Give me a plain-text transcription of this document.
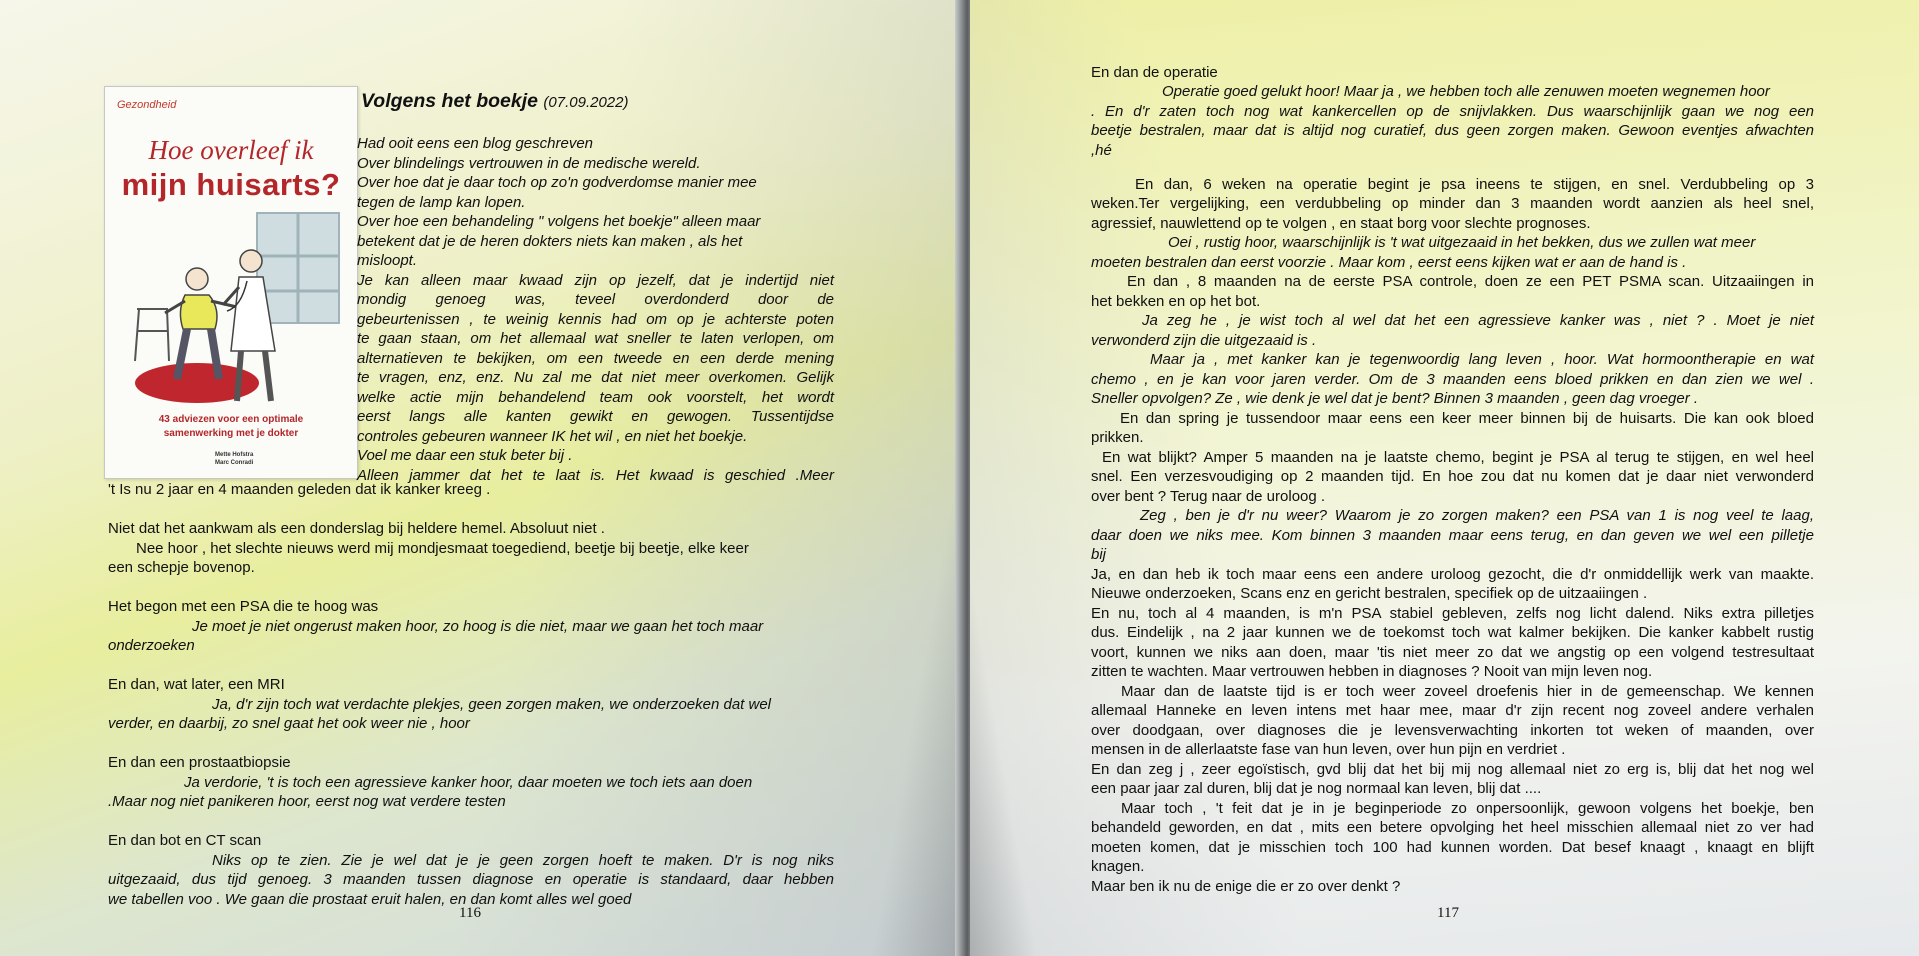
Gezondheid
Hoe overleef ik
mijn huisarts?
43 adviezen voor een optimale
samenwerking met je dokter
Mette Hofstra
Marc Conradi
Volgens het boekje (07.09.2022)

Had ooit eens een blog geschreven

Over blindelings vertrouwen in de medische wereld.

Over hoe dat je daar toch op zo'n godverdomse manier mee

tegen de lamp kan lopen.

Over hoe een behandeling " volgens het boekje" alleen maar

betekent dat je de heren dokters niets kan maken , als het

misloopt.

Je kan alleen maar kwaad zijn op jezelf, dat je indertijd niet

mondig genoeg was, teveel overdonderd door de

gebeurtenissen , te weinig kennis had om op je achterste poten

te gaan staan, om het allemaal wat sneller te laten verlopen, om

alternatieven te bekijken, om een tweede en een derde mening

te vragen, enz, enz. Nu zal me dat niet meer overkomen. Gelijk

welke actie mijn behandelend team ook voorstelt, het wordt

eerst langs alle kanten gewikt en gewogen. Tussentijdse

controles gebeuren wanneer IK het wil , en niet het boekje.

Voel me daar een stuk beter bij .

Alleen jammer dat het te laat is. Het kwaad is geschied .Meer

't Is nu 2 jaar en 4 maanden geleden dat ik kanker kreeg .

Niet dat het aankwam als een donderslag bij heldere hemel. Absoluut niet .

Nee hoor , het slechte nieuws werd mij mondjesmaat toegediend, beetje bij beetje, elke keer

een schepje bovenop.

Het begon met een PSA die te hoog was

Je moet je niet ongerust maken hoor, zo hoog is die niet, maar we gaan het toch maar

onderzoeken

En dan, wat later, een MRI

Ja, d'r zijn toch wat verdachte plekjes, geen zorgen maken, we onderzoeken dat wel

verder, en daarbij, zo snel gaat het ook weer nie , hoor

En dan een prostaatbiopsie

Ja verdorie, 't is toch een agressieve kanker hoor, daar moeten we toch iets aan doen

.Maar nog niet panikeren hoor, eerst nog wat verdere testen

En dan bot en CT scan

Niks op te zien. Zie je wel dat je je geen zorgen hoeft te maken. D'r is nog niks

uitgezaaid, dus tijd genoeg. 3 maanden tussen diagnose en operatie is standaard, daar hebben

we tabellen voo . We gaan die prostaat eruit halen, en dan komt alles wel goed

116

En dan de operatie

Operatie goed gelukt hoor! Maar ja , we hebben toch alle zenuwen moeten wegnemen hoor

. En d'r zaten toch nog wat kankercellen op de snijvlakken. Dus waarschijnlijk gaan we nog een

beetje bestralen, maar dat is altijd nog curatief, dus geen zorgen maken. Gewoon eventjes afwachten

,hé

En dan, 6 weken na operatie begint je psa ineens te stijgen, en snel. Verdubbeling op 3

weken.Ter vergelijking, een verdubbeling op minder dan 3 maanden wordt aanzien als heel snel,

agressief, nauwlettend op te volgen , en staat borg voor slechte prognoses.

Oei , rustig hoor, waarschijnlijk is 't wat uitgezaaid in het bekken, dus we zullen wat meer

moeten bestralen dan eerst voorzie . Maar kom , eerst eens kijken wat er aan de hand is .

En dan , 8 maanden na de eerste PSA controle, doen ze een PET PSMA scan. Uitzaaiingen in

het bekken en op het bot.

Ja zeg he , je wist toch al wel dat het een agressieve kanker was , niet ? . Moet je niet

verwonderd zijn die uitgezaaid is .

Maar ja , met kanker kan je tegenwoordig lang leven , hoor. Wat hormoontherapie en wat

chemo , en je kan voor jaren verder. Om de 3 maanden eens bloed prikken en dan zien we wel .

Sneller opvolgen? Ze , wie denk je wel dat je bent? Binnen 3 maanden , geen dag vroeger .

En dan spring je tussendoor maar eens een keer meer binnen bij de huisarts. Die kan ook bloed

prikken.

En wat blijkt? Amper 5 maanden na je laatste chemo, begint je PSA al terug te stijgen, en wel heel

snel. Een verzesvoudiging op 2 maanden tijd. En hoe zou dat nu komen dat je daar niet verwonderd

over bent ? Terug naar de uroloog .

Zeg , ben je d'r nu weer? Waarom je zo zorgen maken? een PSA van 1 is nog veel te laag,

daar doen we niks mee. Kom binnen 3 maanden maar eens terug, en dan geven we wel een pilletje

bij

Ja, en dan heb ik toch maar eens een andere uroloog gezocht, die d'r onmiddellijk werk van maakte.

Nieuwe onderzoeken, Scans enz en gericht bestralen, specifiek op de uitzaaiingen .

En nu, toch al 4 maanden, is m'n PSA stabiel gebleven, zelfs nog licht dalend. Niks extra pilletjes

dus. Eindelijk , na 2 jaar kunnen we de toekomst toch wat kalmer bekijken. Die kanker kabbelt rustig

voort, kunnen we niks aan doen, maar 'tis niet meer zo dat we angstig op een volgend testresultaat

zitten te wachten. Maar vertrouwen hebben in diagnoses ? Nooit van mijn leven nog.

Maar dan de laatste tijd is er toch weer zoveel droefenis hier in de gemeenschap. We kennen

allemaal Hanneke en leven intens met haar mee, maar d'r zijn recent nog zoveel andere verhalen

over doodgaan, over diagnoses die je levensverwachting inkorten tot weken of maanden, over

mensen in de allerlaatste fase van hun leven, over hun pijn en verdriet .

En dan zeg j , zeer egoïstisch, gvd blij dat het bij mij nog allemaal niet zo erg is, blij dat het nog wel

een paar jaar zal duren, blij dat je nog normaal kan leven, blij dat ....

Maar toch , 't feit dat je in je beginperiode zo onpersoonlijk, gewoon volgens het boekje, ben

behandeld geworden, en dat , mits een betere opvolging het heel misschien allemaal niet zo ver had

moeten komen, dat je misschien toch 100 had kunnen worden. Dat besef knaagt , knaagt en blijft

knagen.

Maar ben ik nu de enige die er zo over denkt ?

117
